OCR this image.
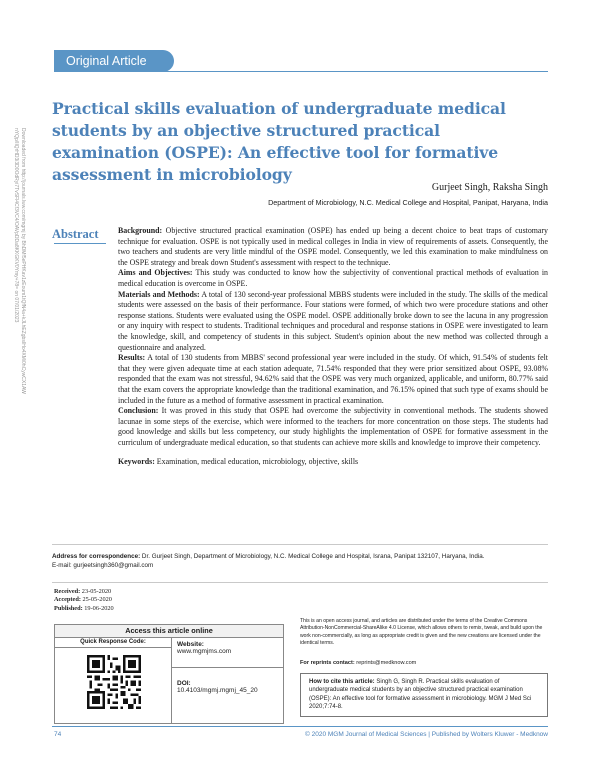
Downloaded from http://journals.lww.com/mgmj by BhDMf5ePHKav1zEoum1tQfN4a+kJLhEZgbsIHo4XMi0hCywCX1AW nYQp/IlQrHD3i3D0OdRyi7TvSFl4Cf3VC4/OAVpDDa8KKGKV0Ymy+78= on 07/01/2023
Original Article
Practical skills evaluation of undergraduate medical students by an objective structured practical examination (OSPE): An effective tool for formative assessment in microbiology
Gurjeet Singh, Raksha Singh
Department of Microbiology, N.C. Medical College and Hospital, Panipat, Haryana, India
Abstract Background: Objective structured practical examination (OSPE) has ended up being a decent choice to beat traps of customary technique for evaluation. OSPE is not typically used in medical colleges in India in view of requirements of assets. Consequently, the two teachers and students are very little mindful of the OSPE model. Consequently, we led this examination to make mindfulness on the OSPE strategy and break down Student's assessment with respect to the technique.

Aims and Objectives: This study was conducted to know how the subjectivity of conventional practical methods of evaluation in medical education is overcome in OSPE.

Materials and Methods: A total of 130 second-year professional MBBS students were included in the study. The skills of the medical students were assessed on the basis of their performance. Four stations were formed, of which two were procedure stations and other response stations. Students were evaluated using the OSPE model. OSPE additionally broke down to see the lacuna in any progression or any inquiry with respect to students. Traditional techniques and procedural and response stations in OSPE were investigated to learn the knowledge, skill, and competency of students in this subject. Student's opinion about the new method was collected through a questionnaire and analyzed.

Results: A total of 130 students from MBBS' second professional year were included in the study. Of which, 91.54% of students felt that they were given adequate time at each station adequate, 71.54% responded that they were prior sensitized about OSPE, 93.08% responded that the exam was not stressful, 94.62% said that the OSPE was very much organized, applicable, and uniform, 80.77% said that the exam covers the appropriate knowledge than the traditional examination, and 76.15% opined that such type of exams should be included in the future as a method of formative assessment in practical examination.

Conclusion: It was proved in this study that OSPE had overcome the subjectivity in conventional methods. The students showed lacunae in some steps of the exercise, which were informed to the teachers for more concentration on those steps. The students had good knowledge and skills but less competency, our study highlights the implementation of OSPE for formative assessment in the curriculum of undergraduate medical education, so that students can achieve more skills and knowledge to improve their competency.

Keywords: Examination, medical education, microbiology, objective, skills

Address for correspondence: Dr. Gurjeet Singh, Department of Microbiology, N.C. Medical College and Hospital, Israna, Panipat 132107, Haryana, India.
E-mail: gurjeetsingh360@gmail.com
Received: 23-05-2020
Accepted: 25-05-2020
Published: 19-06-2020
Access this article online
Quick Response Code:	Website:
www.mgmjms.com
DOI:
10.4103/mgmj.mgmj_45_20
This is an open access journal, and articles are distributed under the terms of the Creative Commons Attribution-NonCommercial-ShareAlike 4.0 License, which allows others to remix, tweak, and build upon the work non-commercially, as long as appropriate credit is given and the new creations are licensed under the identical terms.
For reprints contact: reprints@medknow.com
How to cite this article: Singh G, Singh R. Practical skills evaluation of undergraduate medical students by an objective structured practical examination (OSPE): An effective tool for formative assessment in microbiology. MGM J Med Sci 2020;7:74-8.
74	© 2020 MGM Journal of Medical Sciences | Published by Wolters Kluwer - Medknow
